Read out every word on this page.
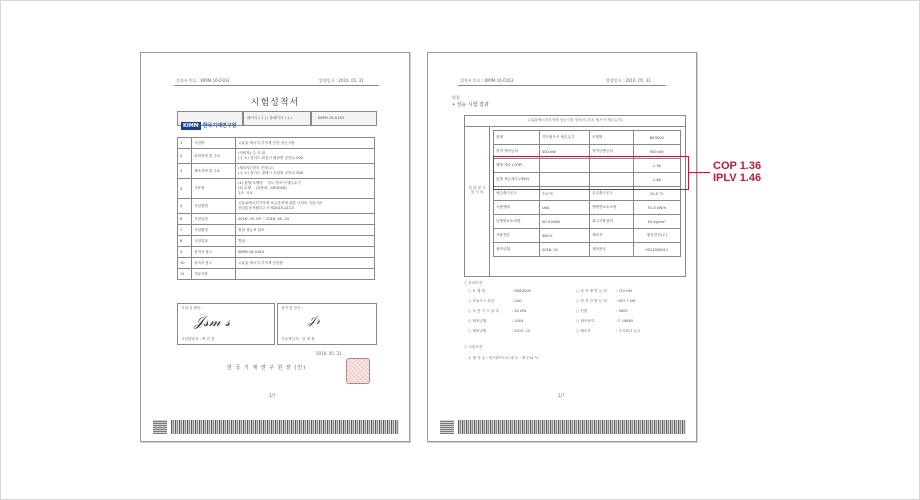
성적서 번호 : KIMM-16-0163	발행일자 : 2016. 05. 31
시험성적서
KIMM 한국기계연구원
페이지 ( 1 ) / 총페이지 ( 1 )	KIMM-16-0163
1	시험명	고효율 에너지 기자재 인증 성능시험
2	의뢰자명 및 주소	(의뢰자) 주 식 회
(주 소) 경기도 화성시 팔탄면 공단로 000
3	제조자명 및 주소	(제조자) 엘지 전자(주)
(주 소) 경기도 평택시 진위면 공단로 000
4	시료명	(1) 품명/모델명    히트 펌프식 냉온수기
(2) 수량    [상용화 : NE3000]
1조  시료
5	시험방법	고효율에너지기자재 보급촉진에 관한 규정의 기술기준
산업통상자원부고시 제2015-211호
6	시험일자	2016. 05. 09 ~ 2016. 05. 24
7	시험환경	별첨 성능표 참조
8	시험결과	별첨
9	성적서 용도	KIMM-16-0163
10	성적서 용도	고효율 에너지 기자재 인증용
11	기타사항	
시험 및 확인 :
𝒥𝓈𝓂 𝓈
시험담당자 : 박 진 설
성적 및 승인 :
𝒥𝓇
기술책임자 : 김 재 철
2016. 05. 31.
한 국 기 계 연 구 원 장 (인)
1/7
성적서 번호 : KIMM-16-0163	발행일자 : 2016. 05. 31
별첨
• 성능 시험 결과
고효율에너지기자재 성능시험 성적서 (히트 펌프식 냉온수기)
결 과 및 시 험 시 료
품명	히트펌프식 냉온수기	모델명	NE3000
정격 냉각능력	000 kW	정격난방능력	000 kW
냉방 계수 (COP)			1.36
통합 성능계수 (IPLV)			1.46
냉수출구온도	7.0 °C	온수출구온도	50.0 °C
사용냉매	LNG	냉방연료소모량	51.3 kW/h
난방연료소비량	00.0 kW/h	최고사용압력	10 kg/cm²
사용전압	380 V	제조자	엘지전자(주)
제조년월	2016. 01	제조번호	0012050011
○ 부하조건
○ 모 델 명	: RNE3000	○ 정 격 냉 방 능 력	: 712 kW
○ 사용가스 종류	: LNG	○ 정 격 난 방 능 력	: 657.7 kW
○ 사 용 가 스 압 력	: 40 kPa	○ 전원	: 380V
○ 제조년월	: 2004	○ 제조번호	: F-19865
○ 제조년월	: 2015. 10	○ 제조자	: 주식회사 수국
○ 시험조건
1. 냉 각 수 : 외기27°C 2. 냉 수 : 출구12 °C
2/7
COP 1.36
IPLV 1.46
